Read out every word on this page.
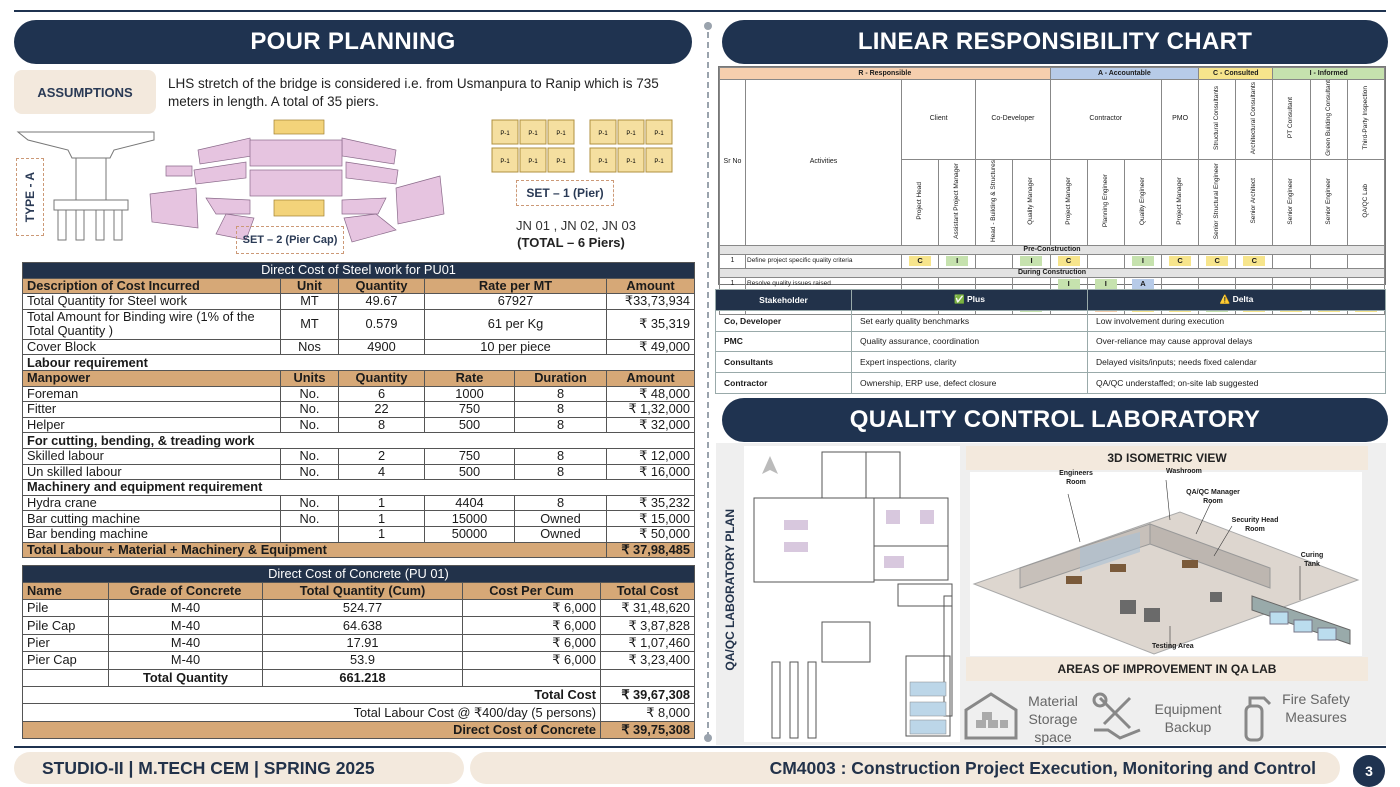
POUR PLANNING
ASSUMPTIONS
LHS stretch of the bridge is considered i.e. from Usmanpura to Ranip which is 735 meters in length. A total of 35 piers.
TYPE - A
SET – 2 (Pier Cap)
P-1	P-1	P-1	P-1	P-1	P-1
P-1	P-1	P-1	P-1	P-1	P-1
SET – 1 (Pier)
JN 01 , JN 02, JN 03
(TOTAL – 6 Piers)
Direct Cost of Steel work for PU01					
Description of Cost Incurred	Unit	Quantity	Rate per MT		Amount
Total Quantity for Steel work	MT	49.67	67927		₹33,73,934
Total Amount for Binding wire (1% of the Total Quantity )	MT	0.579	61 per Kg		₹ 35,319
Cover Block	Nos	4900	10 per piece		₹ 49,000
Labour requirement					
Manpower	Units	Quantity	Rate	Duration	Amount
Foreman	No.	6	1000	8	₹ 48,000
Fitter	No.	22	750	8	₹ 1,32,000
Helper	No.	8	500	8	₹ 32,000
For cutting, bending, & treading work					
Skilled labour	No.	2	750	8	₹ 12,000
Un skilled labour	No.	4	500	8	₹ 16,000
Machinery and equipment requirement					
Hydra crane	No.	1	4404	8	₹ 35,232
Bar cutting machine	No.	1	15000	Owned	₹ 15,000
Bar bending machine		1	50000	Owned	₹ 50,000
Total Labour + Material + Machinery & Equipment					₹ 37,98,485
Direct Cost of Concrete (PU 01)				
Name	Grade of Concrete	Total Quantity (Cum)	Cost Per Cum	Total Cost
Pile	M-40	524.77	₹ 6,000	₹ 31,48,620
Pile Cap	M-40	64.638	₹ 6,000	₹ 3,87,828
Pier	M-40	17.91	₹ 6,000	₹ 1,07,460
Pier Cap	M-40	53.9	₹ 6,000	₹ 3,23,400
	Total Quantity	661.218		
Total Cost				₹ 39,67,308
Total Labour Cost @ ₹400/day (5 persons)				₹ 8,000
Direct Cost of Concrete				₹ 39,75,308
LINEAR RESPONSIBILITY CHART
R - Responsible						A - Accountable				C - Consulted		I - Informed		
Sr No	Activities	Client		Co-Developer		Contractor			PMO	Structural Consultants	Architectural Consultants	PT Consultant	Green Building Consultant	Third-Party Inspection
		Project Head	Assistant Project Manager	Head - Building & Structures	Quality Manager	Project Manager	Planning Engineer	Quality Engineer	Project Manager	Senior Structural Engineer	Senior Architect	Senior Engineer	Senior Engineer	QA/QC Lab
Pre-Construction														
1	Define project specific quality criteria	C	I		I	C		I	C	C	C			
During Construction														
1	Resolve quality issues raised					I	I	A						

Stakeholder	✅ Plus	⚠️ Delta
Co, Developer	Set early quality benchmarks	Low involvement during execution
PMC	Quality assurance, coordination	Over-reliance may cause approval delays
Consultants	Expert inspections, clarity	Delayed visits/inputs; needs fixed calendar
Contractor	Ownership, ERP use, defect closure	QA/QC understaffed; on-site lab suggested
QUALITY CONTROL LABORATORY
QA/QC LABORATORY PLAN
3D ISOMETRIC VIEW
Engineers Room
Washroom
QA/QC Manager Room
Security Head Room
Curing Tank
Testing Area
AREAS OF IMPROVEMENT IN QA LAB
Material Storage space
Equipment Backup
Fire Safety Measures
STUDIO-II | M.TECH CEM | SPRING 2025	CM4003 : Construction Project Execution, Monitoring and Control	3
